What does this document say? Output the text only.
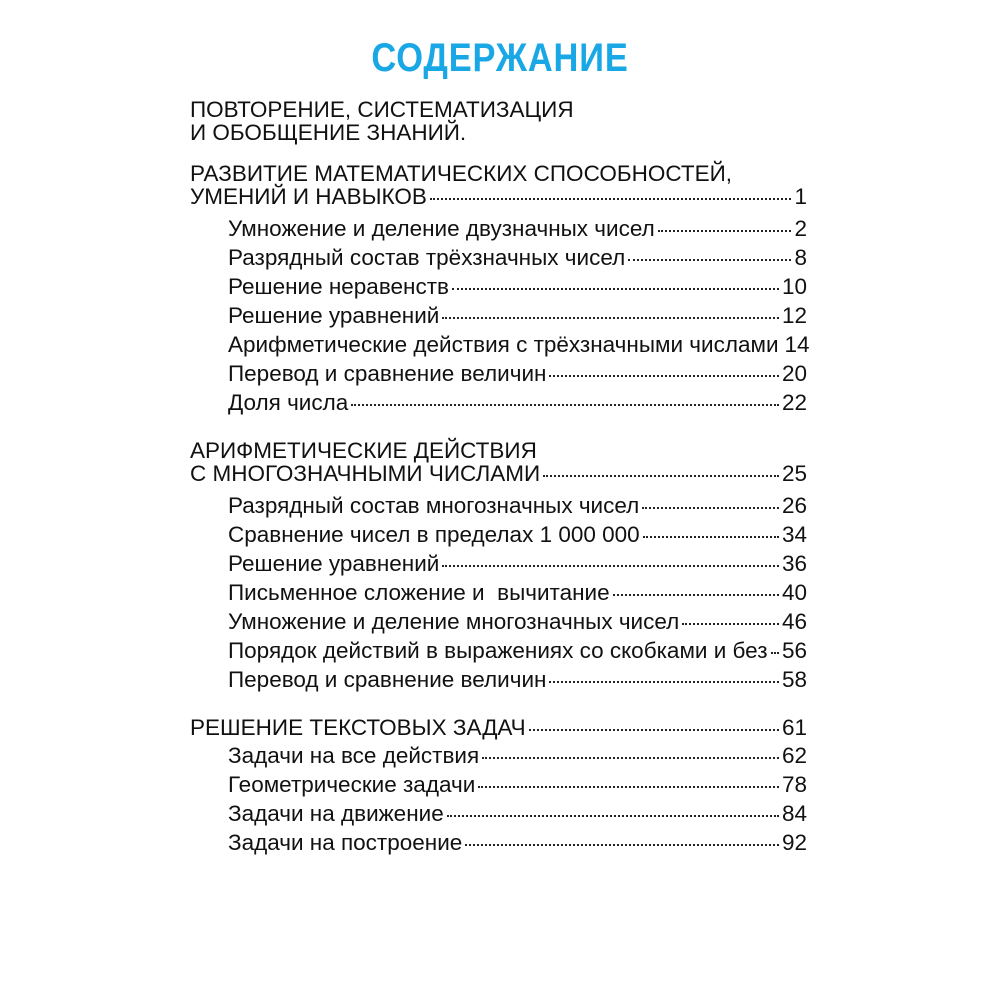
СОДЕРЖАНИЕ
ПОВТОРЕНИЕ, СИСТЕМАТИЗАЦИЯ
И ОБОБЩЕНИЕ ЗНАНИЙ.
РАЗВИТИЕ МАТЕМАТИЧЕСКИХ СПОСОБНОСТЕЙ,
УМЕНИЙ И НАВЫКОВ	1
Умножение и деление двузначных чисел	2
Разрядный состав трёхзначных чисел	8
Решение неравенств	10
Решение уравнений	12
Арифметические действия с трёхзначными числами 14
Перевод и сравнение величин	20
Доля числа	22
АРИФМЕТИЧЕСКИЕ ДЕЙСТВИЯ
С МНОГОЗНАЧНЫМИ ЧИСЛАМИ	25
Разрядный состав многозначных чисел	26
Сравнение чисел в пределах 1 000 000	34
Решение уравнений	36
Письменное сложение и  вычитание	40
Умножение и деление многозначных чисел	46
Порядок действий в выражениях со скобками и без 56
Перевод и сравнение величин	58
РЕШЕНИЕ ТЕКСТОВЫХ ЗАДАЧ	61
Задачи на все действия	62
Геометрические задачи	78
Задачи на движение	84
Задачи на построение	92
